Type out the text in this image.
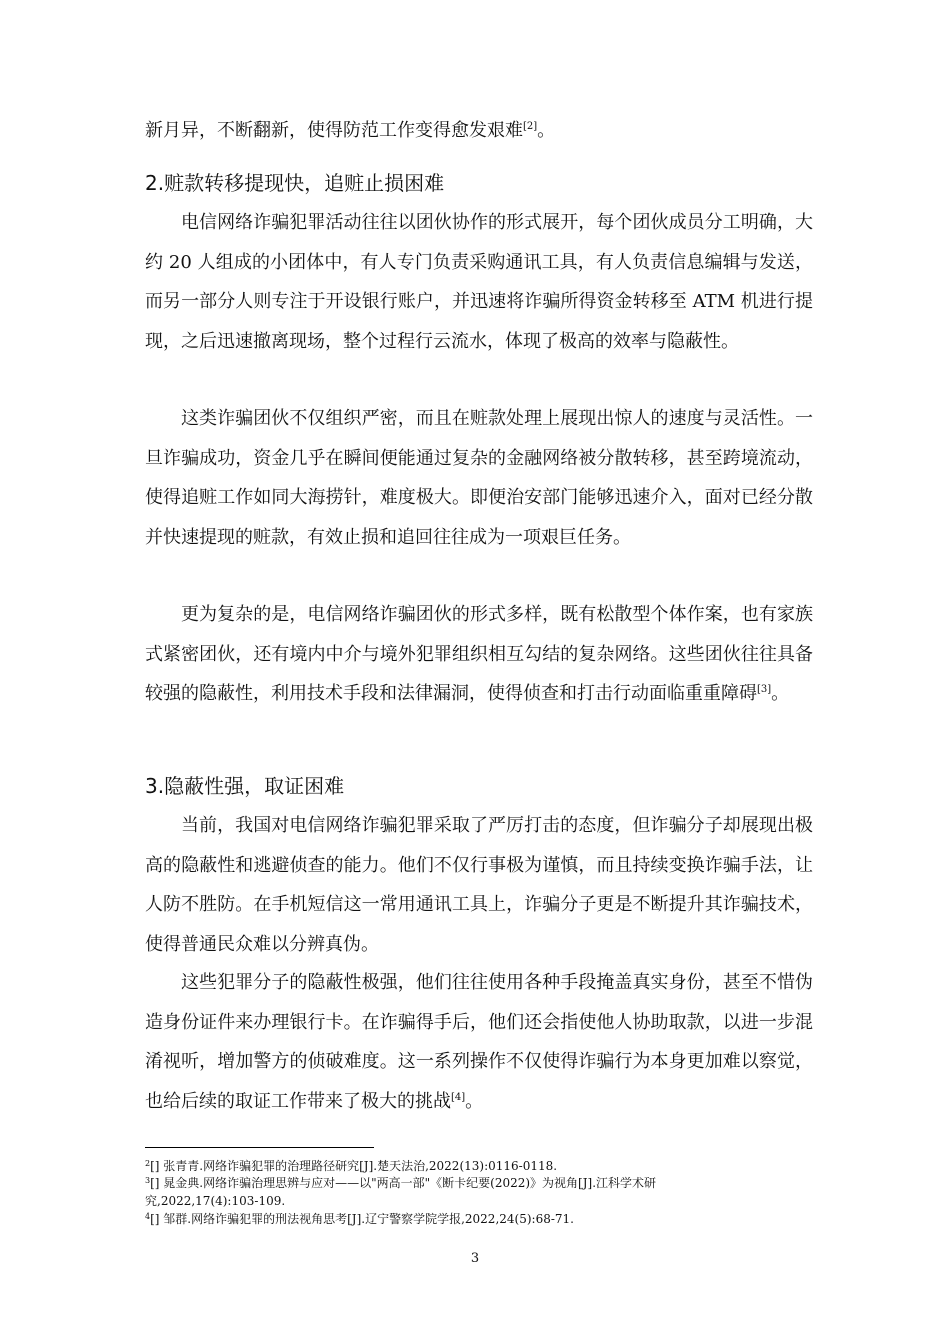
新月异，不断翻新，使得防范工作变得愈发艰难[2]。

2.赃款转移提现快，追赃止损困难

电信网络诈骗犯罪活动往往以团伙协作的形式展开，每个团伙成员分工明确，大约 20 人组成的小团体中，有人专门负责采购通讯工具，有人负责信息编辑与发送，而另一部分人则专注于开设银行账户，并迅速将诈骗所得资金转移至 ATM 机进行提现，之后迅速撤离现场，整个过程行云流水，体现了极高的效率与隐蔽性。

这类诈骗团伙不仅组织严密，而且在赃款处理上展现出惊人的速度与灵活性。一旦诈骗成功，资金几乎在瞬间便能通过复杂的金融网络被分散转移，甚至跨境流动，使得追赃工作如同大海捞针，难度极大。即便治安部门能够迅速介入，面对已经分散并快速提现的赃款，有效止损和追回往往成为一项艰巨任务。

更为复杂的是，电信网络诈骗团伙的形式多样，既有松散型个体作案，也有家族式紧密团伙，还有境内中介与境外犯罪组织相互勾结的复杂网络。这些团伙往往具备较强的隐蔽性，利用技术手段和法律漏洞，使得侦查和打击行动面临重重障碍[3]。

3.隐蔽性强，取证困难

当前，我国对电信网络诈骗犯罪采取了严厉打击的态度，但诈骗分子却展现出极高的隐蔽性和逃避侦查的能力。他们不仅行事极为谨慎，而且持续变换诈骗手法，让人防不胜防。在手机短信这一常用通讯工具上，诈骗分子更是不断提升其诈骗技术，使得普通民众难以分辨真伪。

这些犯罪分子的隐蔽性极强，他们往往使用各种手段掩盖真实身份，甚至不惜伪造身份证件来办理银行卡。在诈骗得手后，他们还会指使他人协助取款，以进一步混淆视听，增加警方的侦破难度。这一系列操作不仅使得诈骗行为本身更加难以察觉，也给后续的取证工作带来了极大的挑战[4]。

$^2$[] 张青青.网络诈骗犯罪的治理路径研究[J].楚天法治,2022(13):0116-0118.

$^3$[] 晁金典.网络诈骗治理思辨与应对——以"两高一部"《断卡纪要(2022)》为视角[J].江科学术研究,2022,17(4):103-109.

$^4$[] 邹群.网络诈骗犯罪的刑法视角思考[J].辽宁警察学院学报,2022,24(5):68-71.

3
